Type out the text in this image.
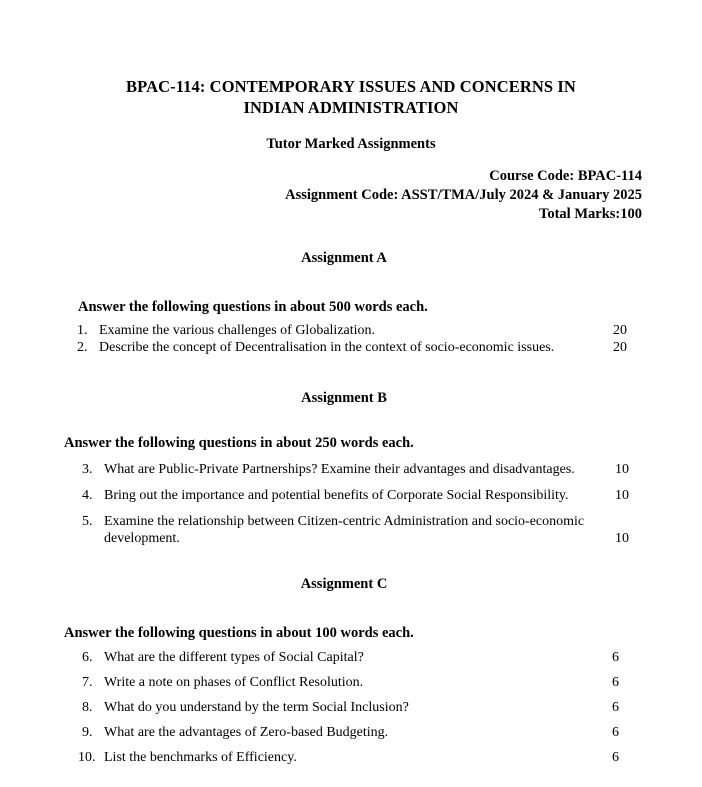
BPAC-114: CONTEMPORARY ISSUES AND CONCERNS IN
INDIAN ADMINISTRATION
Tutor Marked Assignments
Course Code: BPAC-114
Assignment Code: ASST/TMA/July 2024 & January 2025
Total Marks:100
Assignment A
Answer the following questions in about 500 words each.
1. Examine the various challenges of Globalization.	20
2. Describe the concept of Decentralisation in the context of socio-economic issues.	20
Assignment B
Answer the following questions in about 250 words each.
3. What are Public-Private Partnerships? Examine their advantages and disadvantages.	10
4. Bring out the importance and potential benefits of Corporate Social Responsibility.	10
5. Examine the relationship between Citizen-centric Administration and socio-economic development.	10
Assignment C
Answer the following questions in about 100 words each.
6. What are the different types of Social Capital?	6
7. Write a note on phases of Conflict Resolution.	6
8. What do you understand by the term Social Inclusion?	6
9. What are the advantages of Zero-based Budgeting.	6
10. List the benchmarks of Efficiency.	6
